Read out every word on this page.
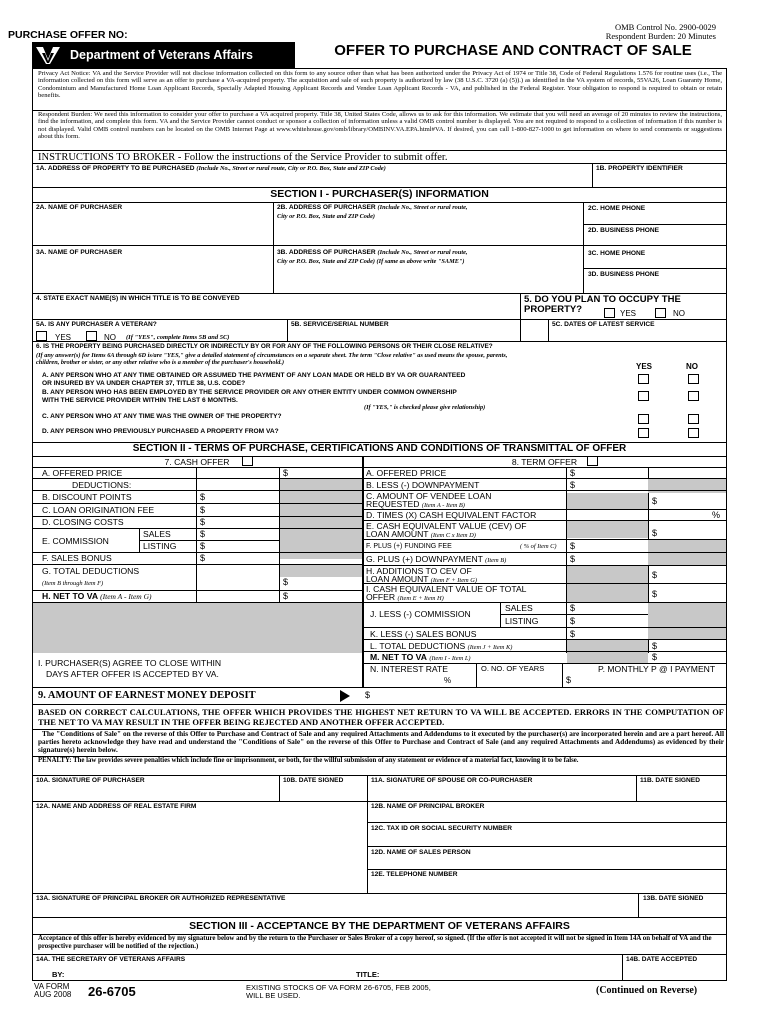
PURCHASE OFFER NO:
OMB Control No. 2900-0029
Respondent Burden: 20 Minutes
Department of Veterans Affairs	OFFER TO PURCHASE AND CONTRACT OF SALE
Privacy Act Notice: VA and the Service Provider will not disclose information collected on this form to any source other than what has been authorized under the Privacy Act of 1974 or Title 38, Code of Federal Regulations 1.576 for routine uses (i.e., The information collected on this form will serve as an offer to purchase a VA-acquired property. The acquisition and sale of such property is authorized by law (38 U.S.C. 3720 (a) (5)).) as identified in the VA system of records, 55VA26, Loan Guaranty Home, Condominium and Manufactured Home Loan Applicant Records, Specially Adapted Housing Applicant Records and Vendee Loan Applicant Records - VA, and published in the Federal Register. Your obligation to respond is required to obtain or retain benefits.
Respondent Burden: We need this information to consider your offer to purchase a VA acquired property. Title 38, United States Code, allows us to ask for this information. We estimate that you will need an average of 20 minutes to review the instructions, find the information, and complete this form. VA and the Service Provider cannot conduct or sponsor a collection of information unless a valid OMB control number is displayed. You are not required to respond to a collection of information if this number is not displayed. Valid OMB control numbers can be located on the OMB Internet Page at www.whitehouse.gov/omb/library/OMBINV.VA.EPA.html#VA. If desired, you can call 1-800-827-1000 to get information on where to send comments or suggestions about this form.
INSTRUCTIONS TO BROKER - Follow the instructions of the Service Provider to submit offer.
1A. ADDRESS OF PROPERTY TO BE PURCHASED (Include No., Street or rural route, City or P.O. Box, State and ZIP Code)	1B. PROPERTY IDENTIFIER
SECTION I - PURCHASER(S) INFORMATION
2A. NAME OF PURCHASER	2B. ADDRESS OF PURCHASER (Include No., Street or rural route,
City or P.O. Box, State and ZIP Code)
2C. HOME PHONE
2D. BUSINESS PHONE
3A. NAME OF PURCHASER	3B. ADDRESS OF PURCHASER (Include No., Street or rural route,
City or P.O. Box, State and ZIP Code) (If same as above write "SAME")
3C. HOME PHONE
3D. BUSINESS PHONE
4. STATE EXACT NAME(S) IN WHICH TITLE IS TO BE CONVEYED	5. DO YOU PLAN TO OCCUPY THE
PROPERTY?	YES	NO
5A. IS ANY PURCHASER A VETERAN?
YES	NO (If "YES", complete Items 5B and 5C)
5B. SERVICE/SERIAL NUMBER	5C. DATES OF LATEST SERVICE
6. IS THE PROPERTY BEING PURCHASED DIRECTLY OR INDIRECTLY BY OR FOR ANY OF THE FOLLOWING PERSONS OR THEIR CLOSE RELATIVE?
(If any answer(s) for Items 6A through 6D is/are "YES," give a detailed statement of circumstances on a separate sheet. The term "Close relative" as used means the spouse, parents,
children, brother or sister, or any other relative who is a member of the purchaser's household.)	YES	NO
A. ANY PERSON WHO AT ANY TIME OBTAINED OR ASSUMED THE PAYMENT OF ANY LOAN MADE OR HELD BY VA OR GUARANTEED
OR INSURED BY VA UNDER CHAPTER 37, TITLE 38, U.S. CODE?
B. ANY PERSON WHO HAS BEEN EMPLOYED BY THE SERVICE PROVIDER OR ANY OTHER ENTITY UNDER COMMON OWNERSHIP
WITH THE SERVICE PROVIDER WITHIN THE LAST 6 MONTHS.
(If "YES," is checked please give relationship)
C. ANY PERSON WHO AT ANY TIME WAS THE OWNER OF THE PROPERTY?
D. ANY PERSON WHO PREVIOUSLY PURCHASED A PROPERTY FROM VA?
SECTION II - TERMS OF PURCHASE, CERTIFICATIONS AND CONDITIONS OF TRANSMITTAL OF OFFER
7. CASH OFFER	8. TERM OFFER
A. OFFERED PRICE	$
DEDUCTIONS:
B. DISCOUNT POINTS	$
C. LOAN ORIGINATION FEE	$
D. CLOSING COSTS	$
E. COMMISSION
SALES	$
LISTING	$
F. SALES BONUS	$
G. TOTAL DEDUCTIONS
(Item B through Item F)	$
H. NET TO VA (Item A - Item G)	$
A. OFFERED PRICE	$
B. LESS (-) DOWNPAYMENT	$
C. AMOUNT OF VENDEE LOAN
REQUESTED (Item A - Item B)	$
D. TIMES (X) CASH EQUIVALENT FACTOR	%
E. CASH EQUIVALENT VALUE (CEV) OF
LOAN AMOUNT (Item C x Item D)	$
F. PLUS (+) FUNDING FEE	( % of Item C) $
G. PLUS (+) DOWNPAYMENT (Item B)	$
H. ADDITIONS TO CEV OF
LOAN AMOUNT (Item F + Item G)
$
I. CASH EQUIVALENT VALUE OF TOTAL
OFFER (Item E + Item H)	$
J. LESS (-) COMMISSION
SALES	$
LISTING	$
K. LESS (-) SALES BONUS	$
L. TOTAL DEDUCTIONS (Item J + Item K)	$
M. NET TO VA (Item I - Item L)	$
N. INTEREST RATE
%
O. NO. OF YEARS	P. MONTHLY P @ I PAYMENT
$
I. PURCHASER(S) AGREE TO CLOSE WITHIN
DAYS AFTER OFFER IS ACCEPTED BY VA.
9. AMOUNT OF EARNEST MONEY DEPOSIT	$
BASED ON CORRECT CALCULATIONS, THE OFFER WHICH PROVIDES THE HIGHEST NET RETURN TO VA WILL BE ACCEPTED. ERRORS IN THE COMPUTATION OF THE NET TO VA MAY RESULT IN THE OFFER BEING REJECTED AND ANOTHER OFFER ACCEPTED.
The "Conditions of Sale" on the reverse of this Offer to Purchase and Contract of Sale and any required Attachments and Addendums to it executed by the purchaser(s) are incorporated herein and are a part hereof. All parties hereto acknowledge they have read and understand the "Conditions of Sale" on the reverse of this Offer to Purchase and Contract of Sale (and any required Attachments and Addendums) as evidenced by their signature(s) herein below.
PENALTY: The law provides severe penalties which include fine or imprisonment, or both, for the willful submission of any statement or evidence of a material fact, knowing it to be false.
10A. SIGNATURE OF PURCHASER	10B. DATE SIGNED	11A. SIGNATURE OF SPOUSE OR CO-PURCHASER	11B. DATE SIGNED
12A. NAME AND ADDRESS OF REAL ESTATE FIRM	12B. NAME OF PRINCIPAL BROKER
12C. TAX ID OR SOCIAL SECURITY NUMBER
12D. NAME OF SALES PERSON
12E. TELEPHONE NUMBER
13A. SIGNATURE OF PRINCIPAL BROKER OR AUTHORIZED REPRESENTATIVE	13B. DATE SIGNED
SECTION III - ACCEPTANCE BY THE DEPARTMENT OF VETERANS AFFAIRS
Acceptance of this offer is hereby evidenced by my signature below and by the return to the Purchaser or Sales Broker of a copy hereof, so signed. (If the offer is not accepted it will not be signed in Item 14A on behalf of VA and the prospective purchaser will be notified of the rejection.)
14A. THE SECRETARY OF VETERANS AFFAIRS	14B. DATE ACCEPTED
BY:	TITLE:
VA FORM
AUG 2008 26-6705	EXISTING STOCKS OF VA FORM 26-6705, FEB 2005,
WILL BE USED.	(Continued on Reverse)
